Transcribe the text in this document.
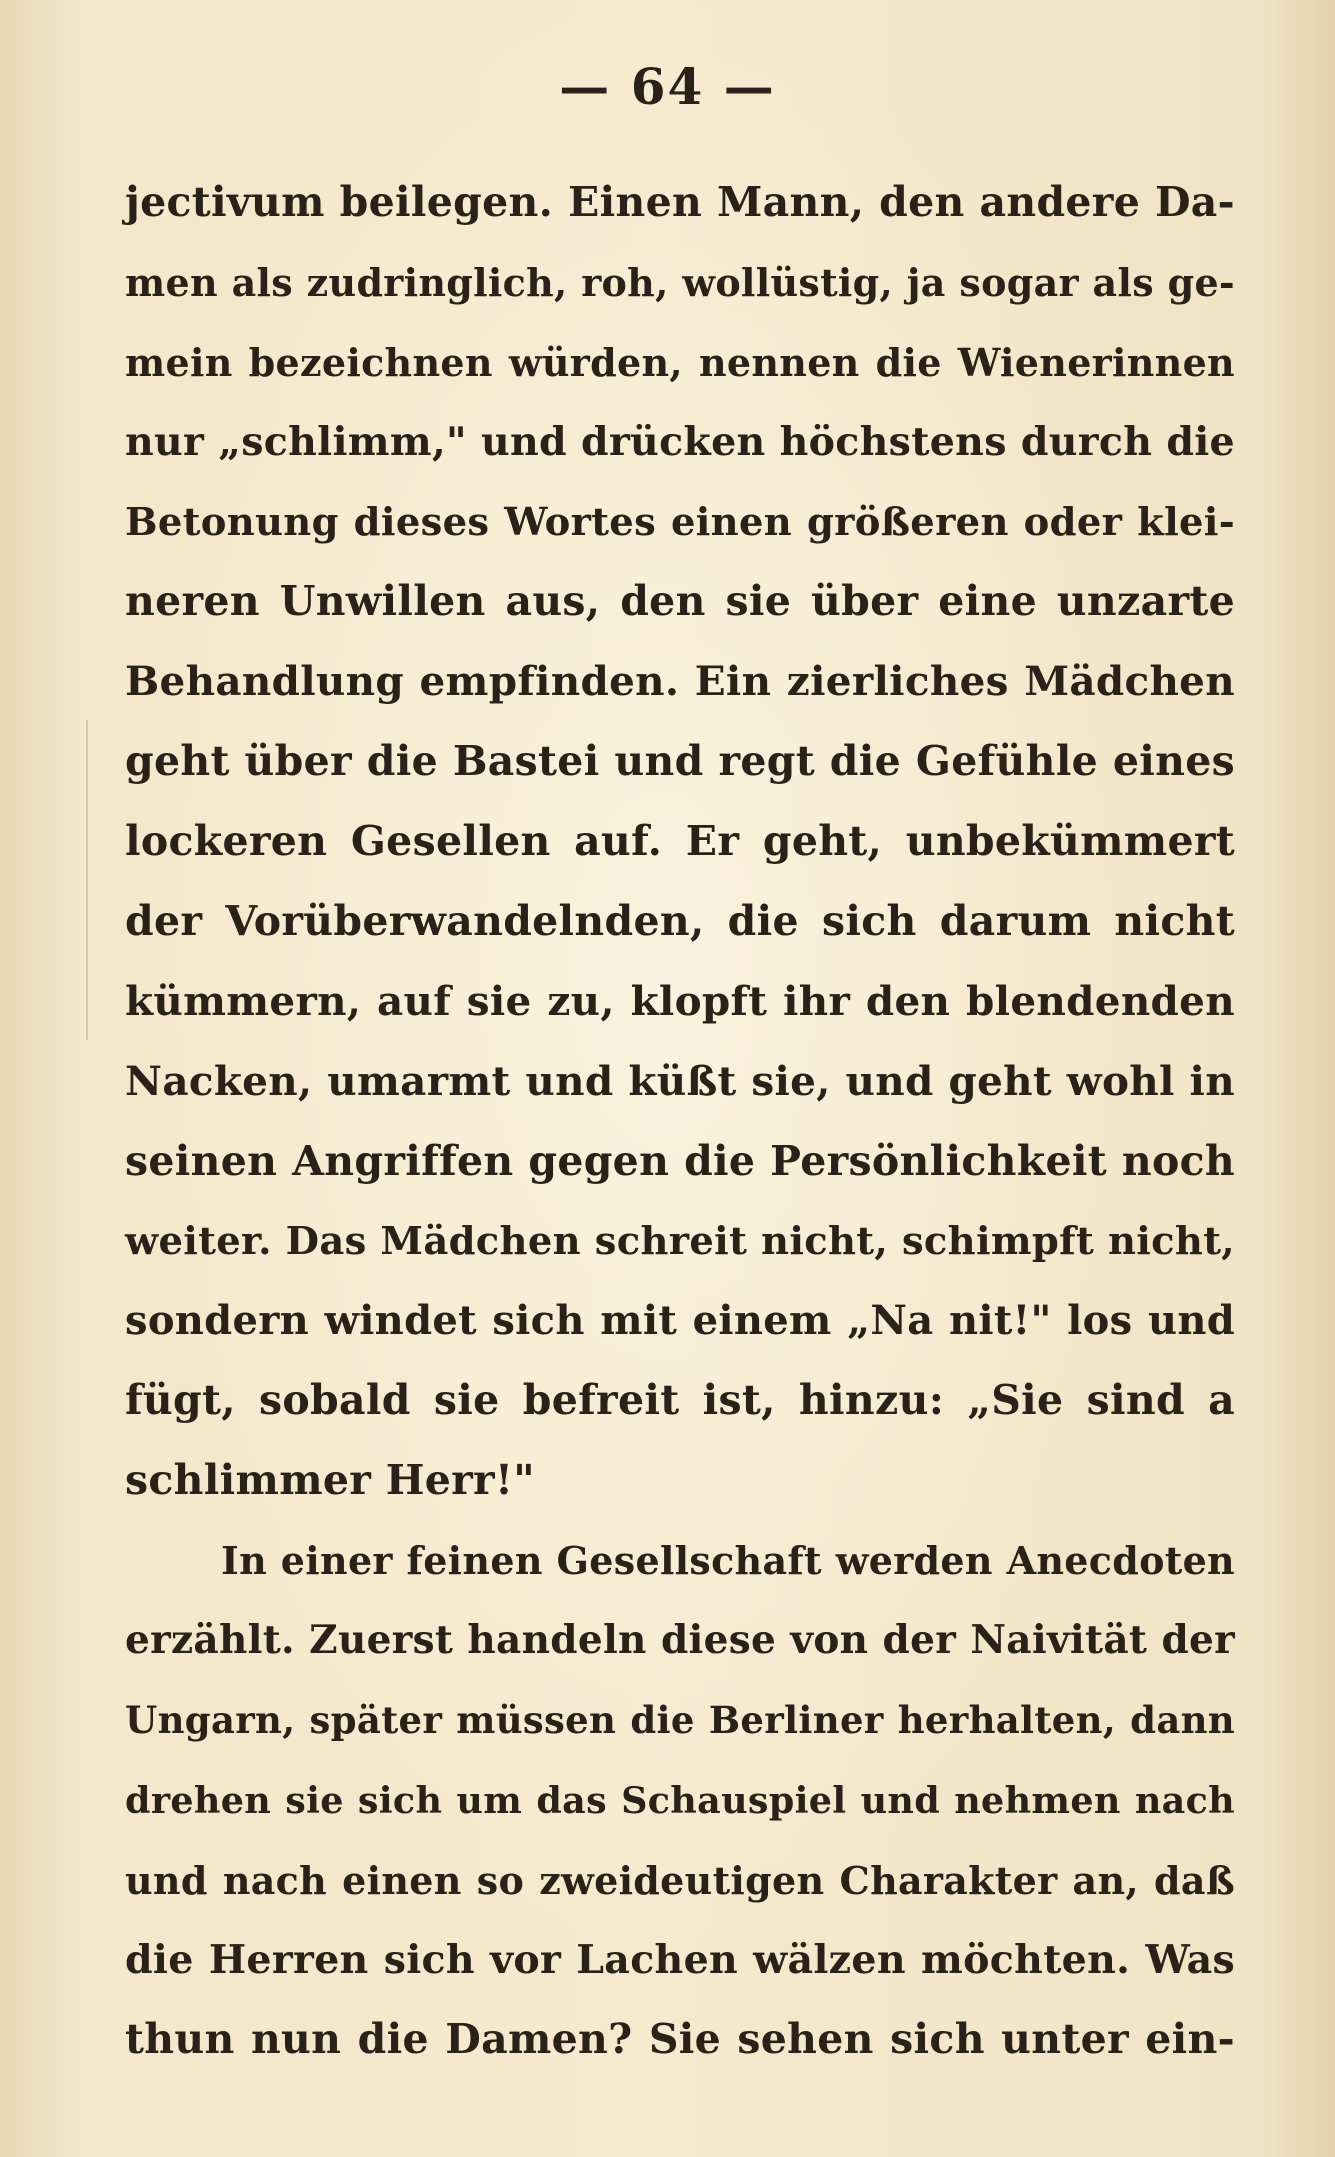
— 64 —
jectivum beilegen. Einen Mann, den andere Da-
men als zudringlich, roh, wollüstig, ja sogar als ge-
mein bezeichnen würden, nennen die Wienerinnen
nur „schlimm," und drücken höchstens durch die
Betonung dieses Wortes einen größeren oder klei-
neren Unwillen aus, den sie über eine unzarte
Behandlung empfinden. Ein zierliches Mädchen
geht über die Bastei und regt die Gefühle eines
lockeren Gesellen auf. Er geht, unbekümmert
der Vorüberwandelnden, die sich darum nicht
kümmern, auf sie zu, klopft ihr den blendenden
Nacken, umarmt und küßt sie, und geht wohl in
seinen Angriffen gegen die Persönlichkeit noch
weiter. Das Mädchen schreit nicht, schimpft nicht,
sondern windet sich mit einem „Na nit!" los und
fügt, sobald sie befreit ist, hinzu: „Sie sind a
schlimmer Herr!"
In einer feinen Gesellschaft werden Anecdoten
erzählt. Zuerst handeln diese von der Naivität der
Ungarn, später müssen die Berliner herhalten, dann
drehen sie sich um das Schauspiel und nehmen nach
und nach einen so zweideutigen Charakter an, daß
die Herren sich vor Lachen wälzen möchten. Was
thun nun die Damen? Sie sehen sich unter ein-
